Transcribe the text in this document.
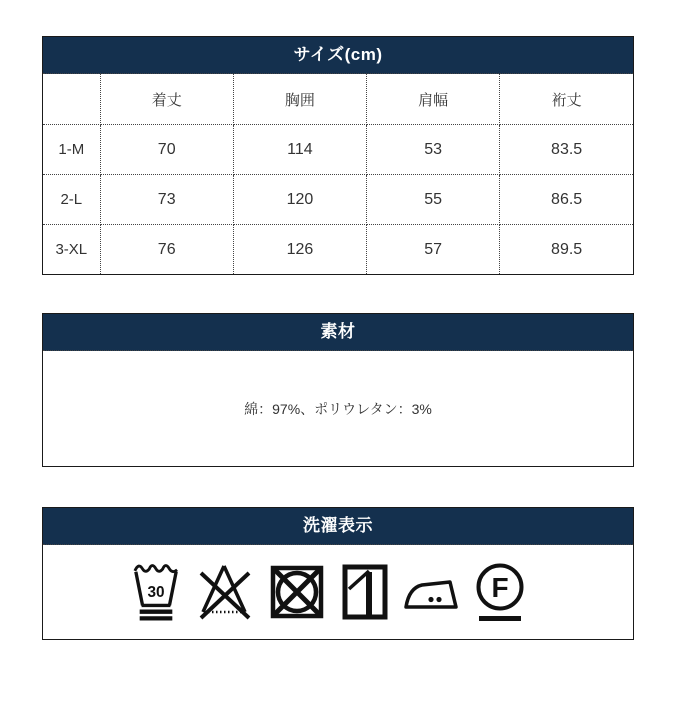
サイズ(cm)
	着丈	胸囲	肩幅	裄丈
1-M	70	114	53	83.5
2-L	73	120	55	86.5
3-XL	76	126	57	89.5
素材
綿：97%、ポリウレタン：3%
洗濯表示
30	F
